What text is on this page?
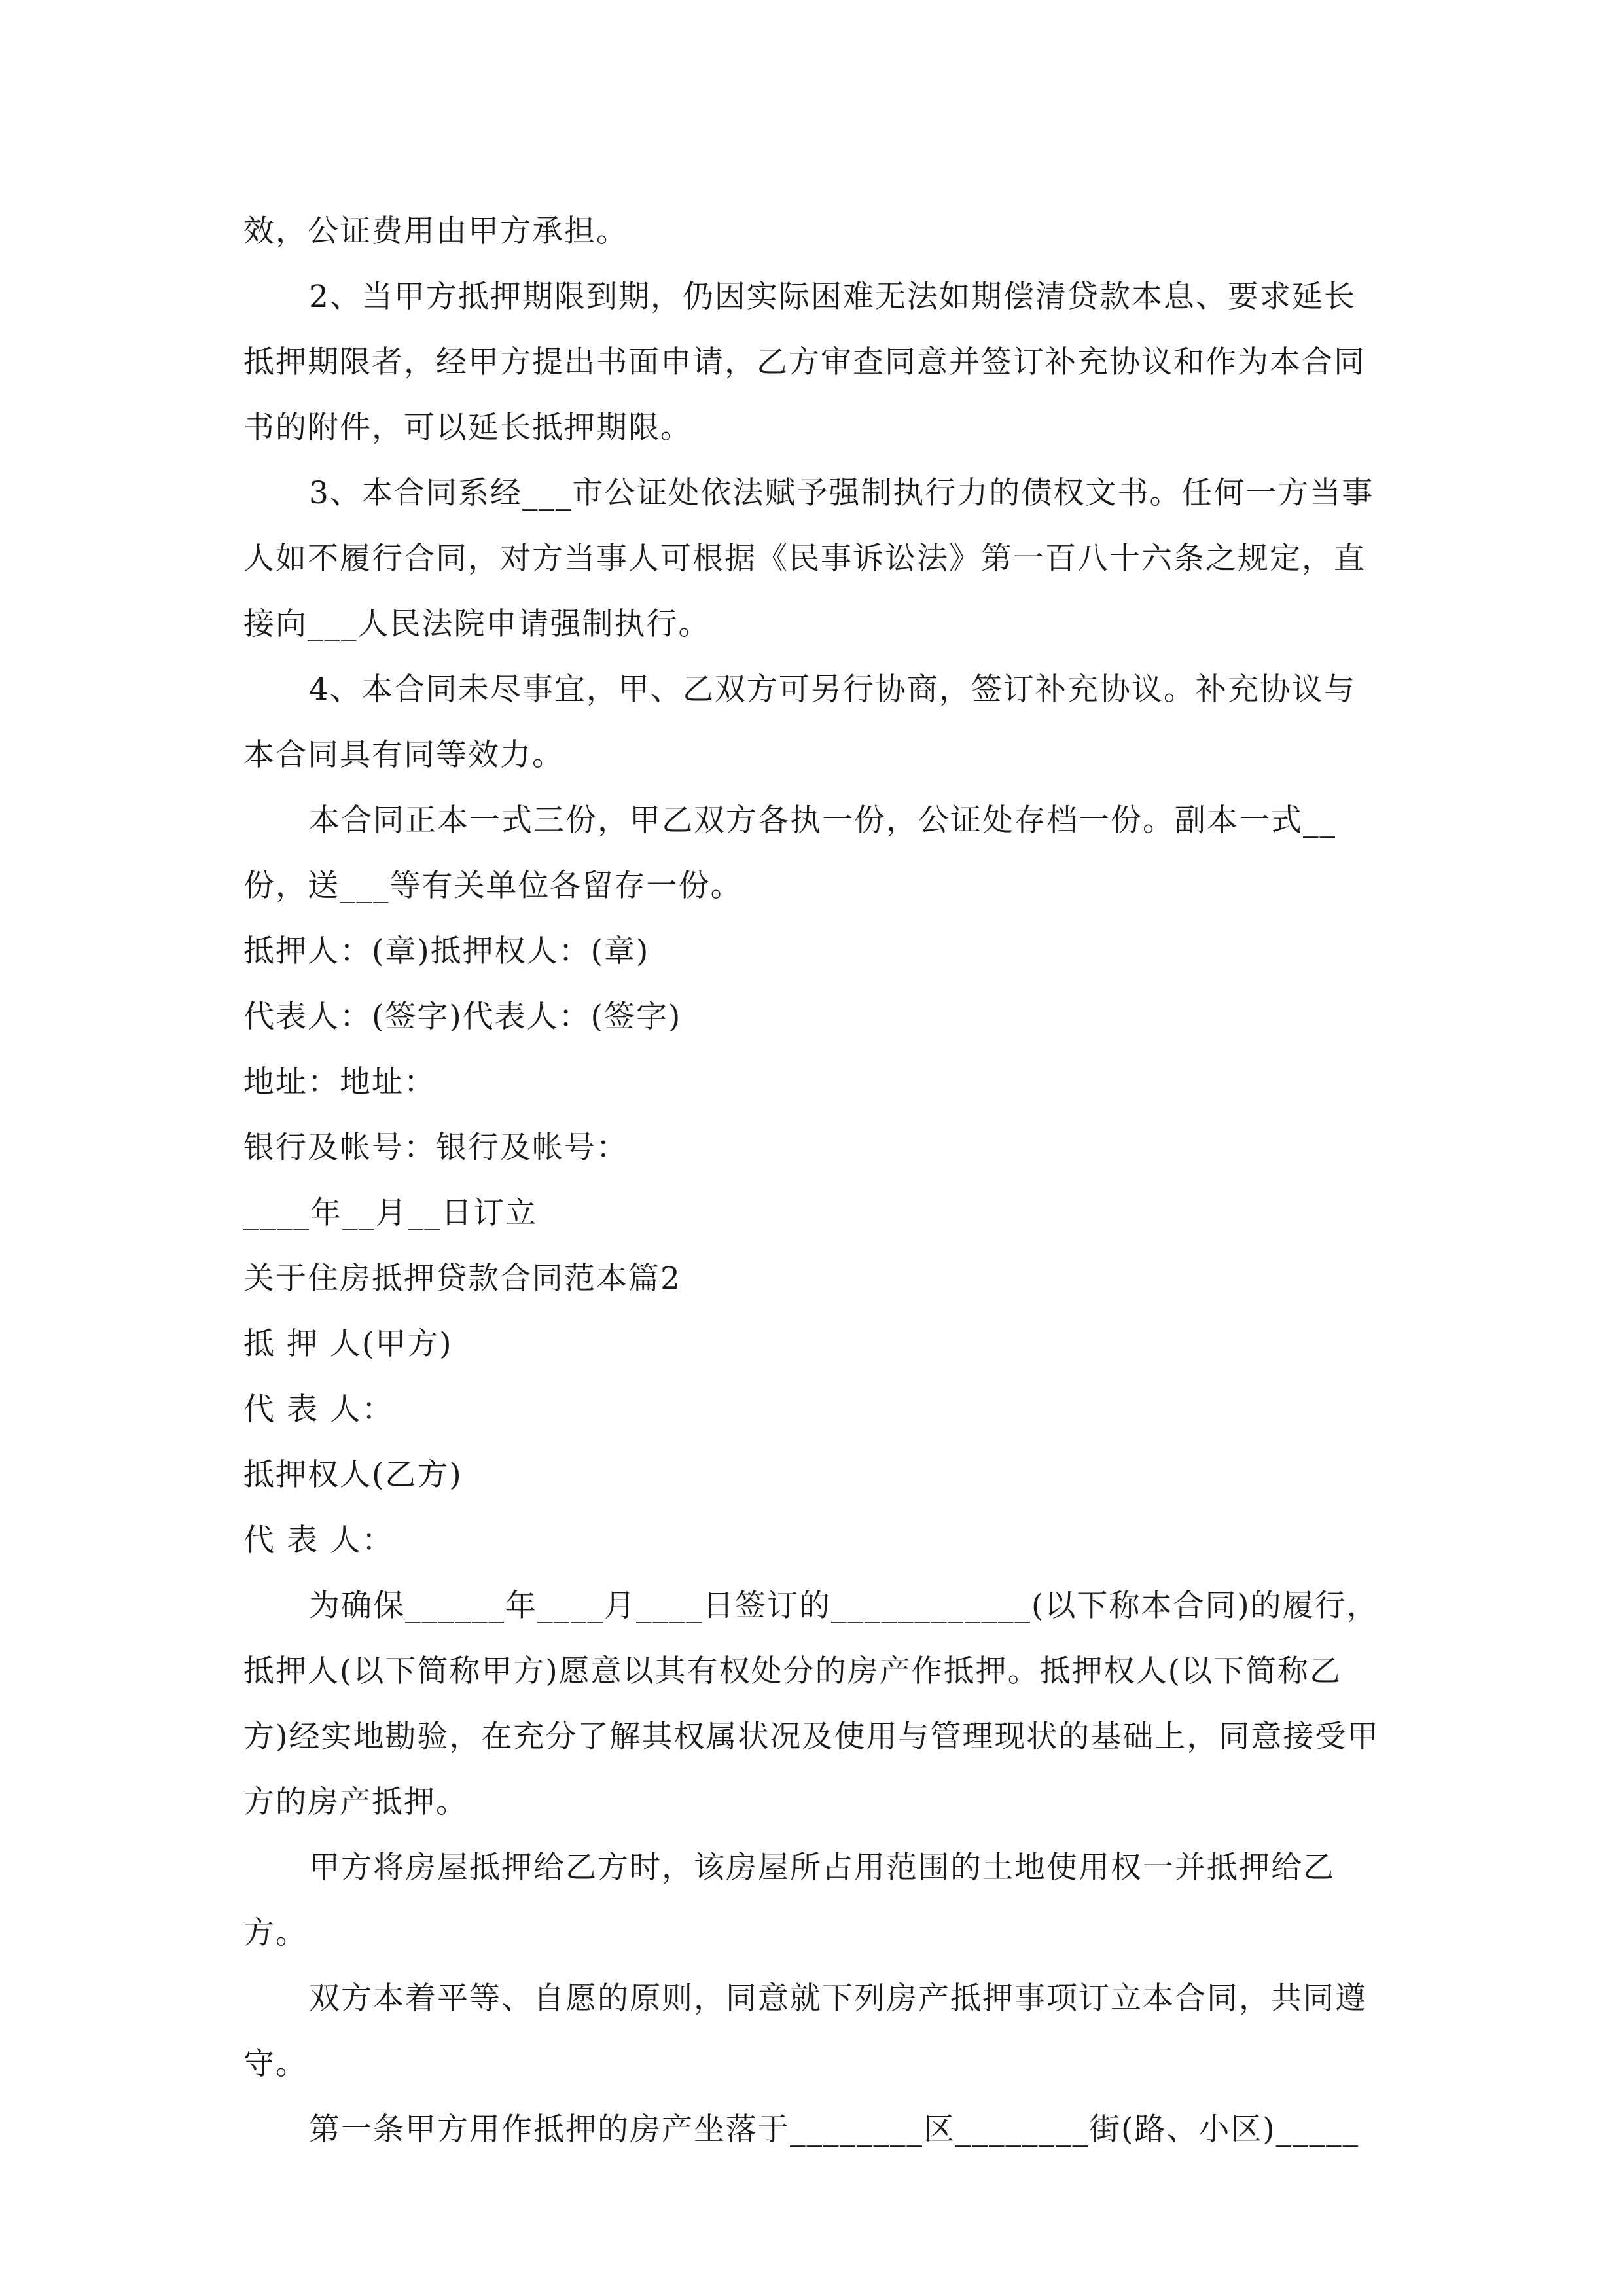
效，公证费用由甲方承担。

2、当甲方抵押期限到期，仍因实际困难无法如期偿清贷款本息、要求延长抵押期限者，经甲方提出书面申请，乙方审查同意并签订补充协议和作为本合同书的附件，可以延长抵押期限。

3、本合同系经___市公证处依法赋予强制执行力的债权文书。任何一方当事人如不履行合同，对方当事人可根据《民事诉讼法》第一百八十六条之规定，直接向___人民法院申请强制执行。

4、本合同未尽事宜，甲、乙双方可另行协商，签订补充协议。补充协议与本合同具有同等效力。

本合同正本一式三份，甲乙双方各执一份，公证处存档一份。副本一式__份，送___等有关单位各留存一份。

抵押人：(章)抵押权人：(章)

代表人：(签字)代表人：(签字)

地址：地址：

银行及帐号：银行及帐号：

____年__月__日订立

关于住房抵押贷款合同范本篇2

抵 押 人(甲方)

代 表 人：

抵押权人(乙方)

代 表 人：

为确保______年____月____日签订的____________(以下称本合同)的履行，抵押人(以下简称甲方)愿意以其有权处分的房产作抵押。抵押权人(以下简称乙方)经实地勘验，在充分了解其权属状况及使用与管理现状的基础上，同意接受甲方的房产抵押。

甲方将房屋抵押给乙方时，该房屋所占用范围的土地使用权一并抵押给乙方。

双方本着平等、自愿的原则，同意就下列房产抵押事项订立本合同，共同遵守。

第一条甲方用作抵押的房产坐落于________区________街(路、小区)_____
